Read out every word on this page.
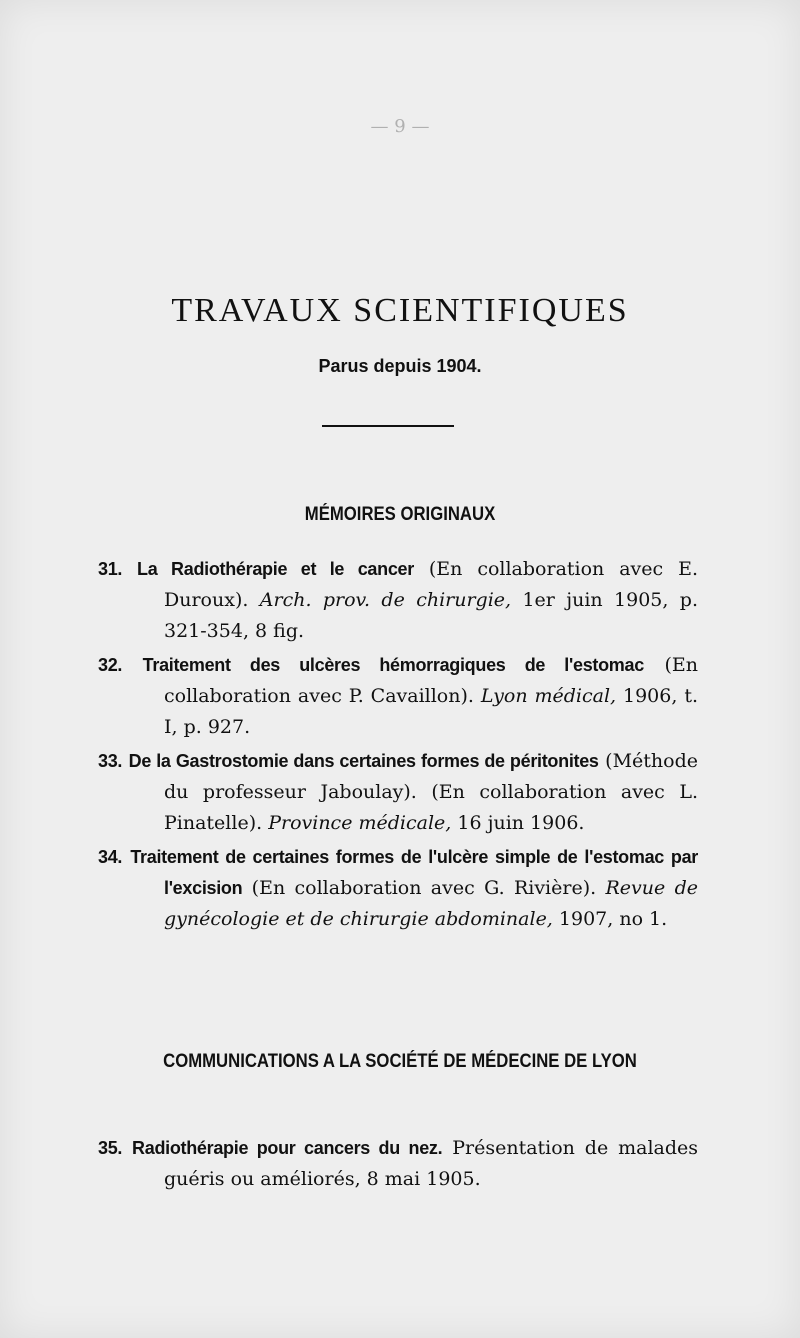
— 9 —
TRAVAUX SCIENTIFIQUES
Parus depuis 1904.
MÉMOIRES ORIGINAUX

31. La Radiothérapie et le cancer (En collaboration avec E. Duroux). Arch. prov. de chirurgie, 1er juin 1905, p. 321-354, 8 fig.

32. Traitement des ulcères hémorragiques de l'estomac (En collaboration avec P. Cavaillon). Lyon médical, 1906, t. I, p. 927.

33. De la Gastrostomie dans certaines formes de péritonites (Méthode du professeur Jaboulay). (En collaboration avec L. Pinatelle). Province médicale, 16 juin 1906.

34. Traitement de certaines formes de l'ulcère simple de l'estomac par l'excision (En collaboration avec G. Rivière). Revue de gynécologie et de chirurgie abdominale, 1907, no 1.

COMMUNICATIONS A LA SOCIÉTÉ DE MÉDECINE DE LYON

35. Radiothérapie pour cancers du nez. Présentation de malades guéris ou améliorés, 8 mai 1905.
